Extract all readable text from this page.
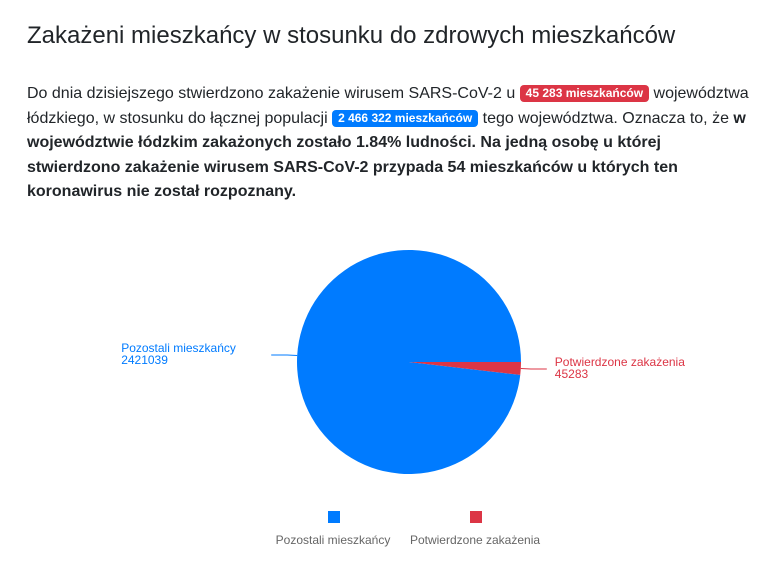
Zakażeni mieszkańcy w stosunku do zdrowych mieszkańców

Do dnia dzisiejszego stwierdzono zakażenie wirusem SARS-CoV-2 u 45 283 mieszkańców województwa łódzkiego, w stosunku do łącznej populacji 2 466 322 mieszkańców tego województwa. Oznacza to, że w województwie łódzkim zakażonych zostało 1.84% ludności. Na jedną osobę u której stwierdzono zakażenie wirusem SARS-CoV-2 przypada 54 mieszkańców u których ten koronawirus nie został rozpoznany.

Pozostali mieszkańcy
2421039	Potwierdzone zakażenia
45283
Pozostali mieszkańcy Potwierdzone zakażenia
